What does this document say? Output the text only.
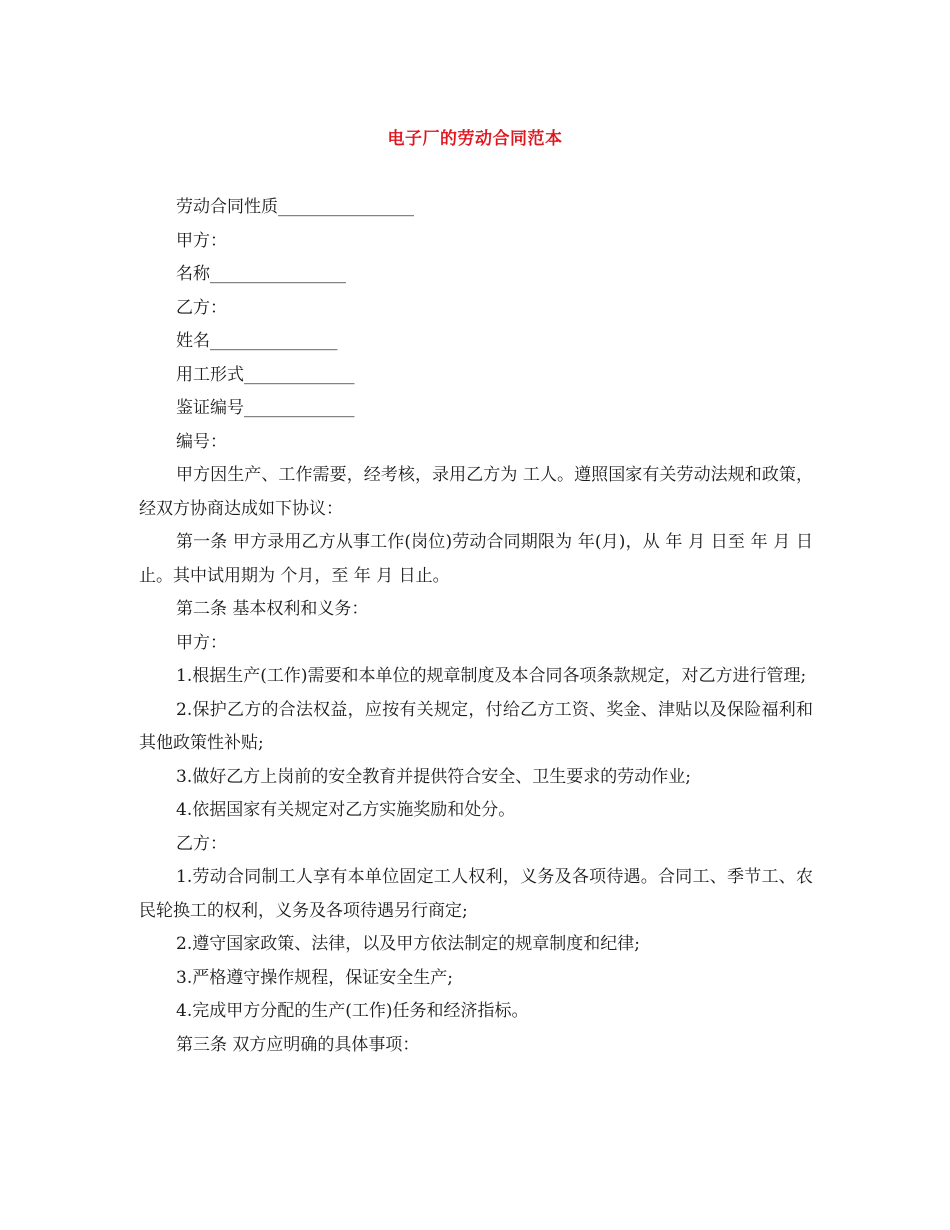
电子厂的劳动合同范本

劳动合同性质________________

甲方：

名称________________

乙方：

姓名_______________

用工形式_____________

鉴证编号_____________

编号：

甲方因生产、工作需要，经考核，录用乙方为 工人。遵照国家有关劳动法规和政策，经双方协商达成如下协议：

第一条 甲方录用乙方从事工作(岗位)劳动合同期限为 年(月)，从 年 月 日至 年 月 日止。其中试用期为 个月，至 年 月 日止。

第二条 基本权利和义务：

甲方：

1.根据生产(工作)需要和本单位的规章制度及本合同各项条款规定，对乙方进行管理;

2.保护乙方的合法权益，应按有关规定，付给乙方工资、奖金、津贴以及保险福利和其他政策性补贴;

3.做好乙方上岗前的安全教育并提供符合安全、卫生要求的劳动作业;

4.依据国家有关规定对乙方实施奖励和处分。

乙方：

1.劳动合同制工人享有本单位固定工人权利，义务及各项待遇。合同工、季节工、农民轮换工的权利，义务及各项待遇另行商定;

2.遵守国家政策、法律，以及甲方依法制定的规章制度和纪律;

3.严格遵守操作规程，保证安全生产;

4.完成甲方分配的生产(工作)任务和经济指标。

第三条 双方应明确的具体事项：
